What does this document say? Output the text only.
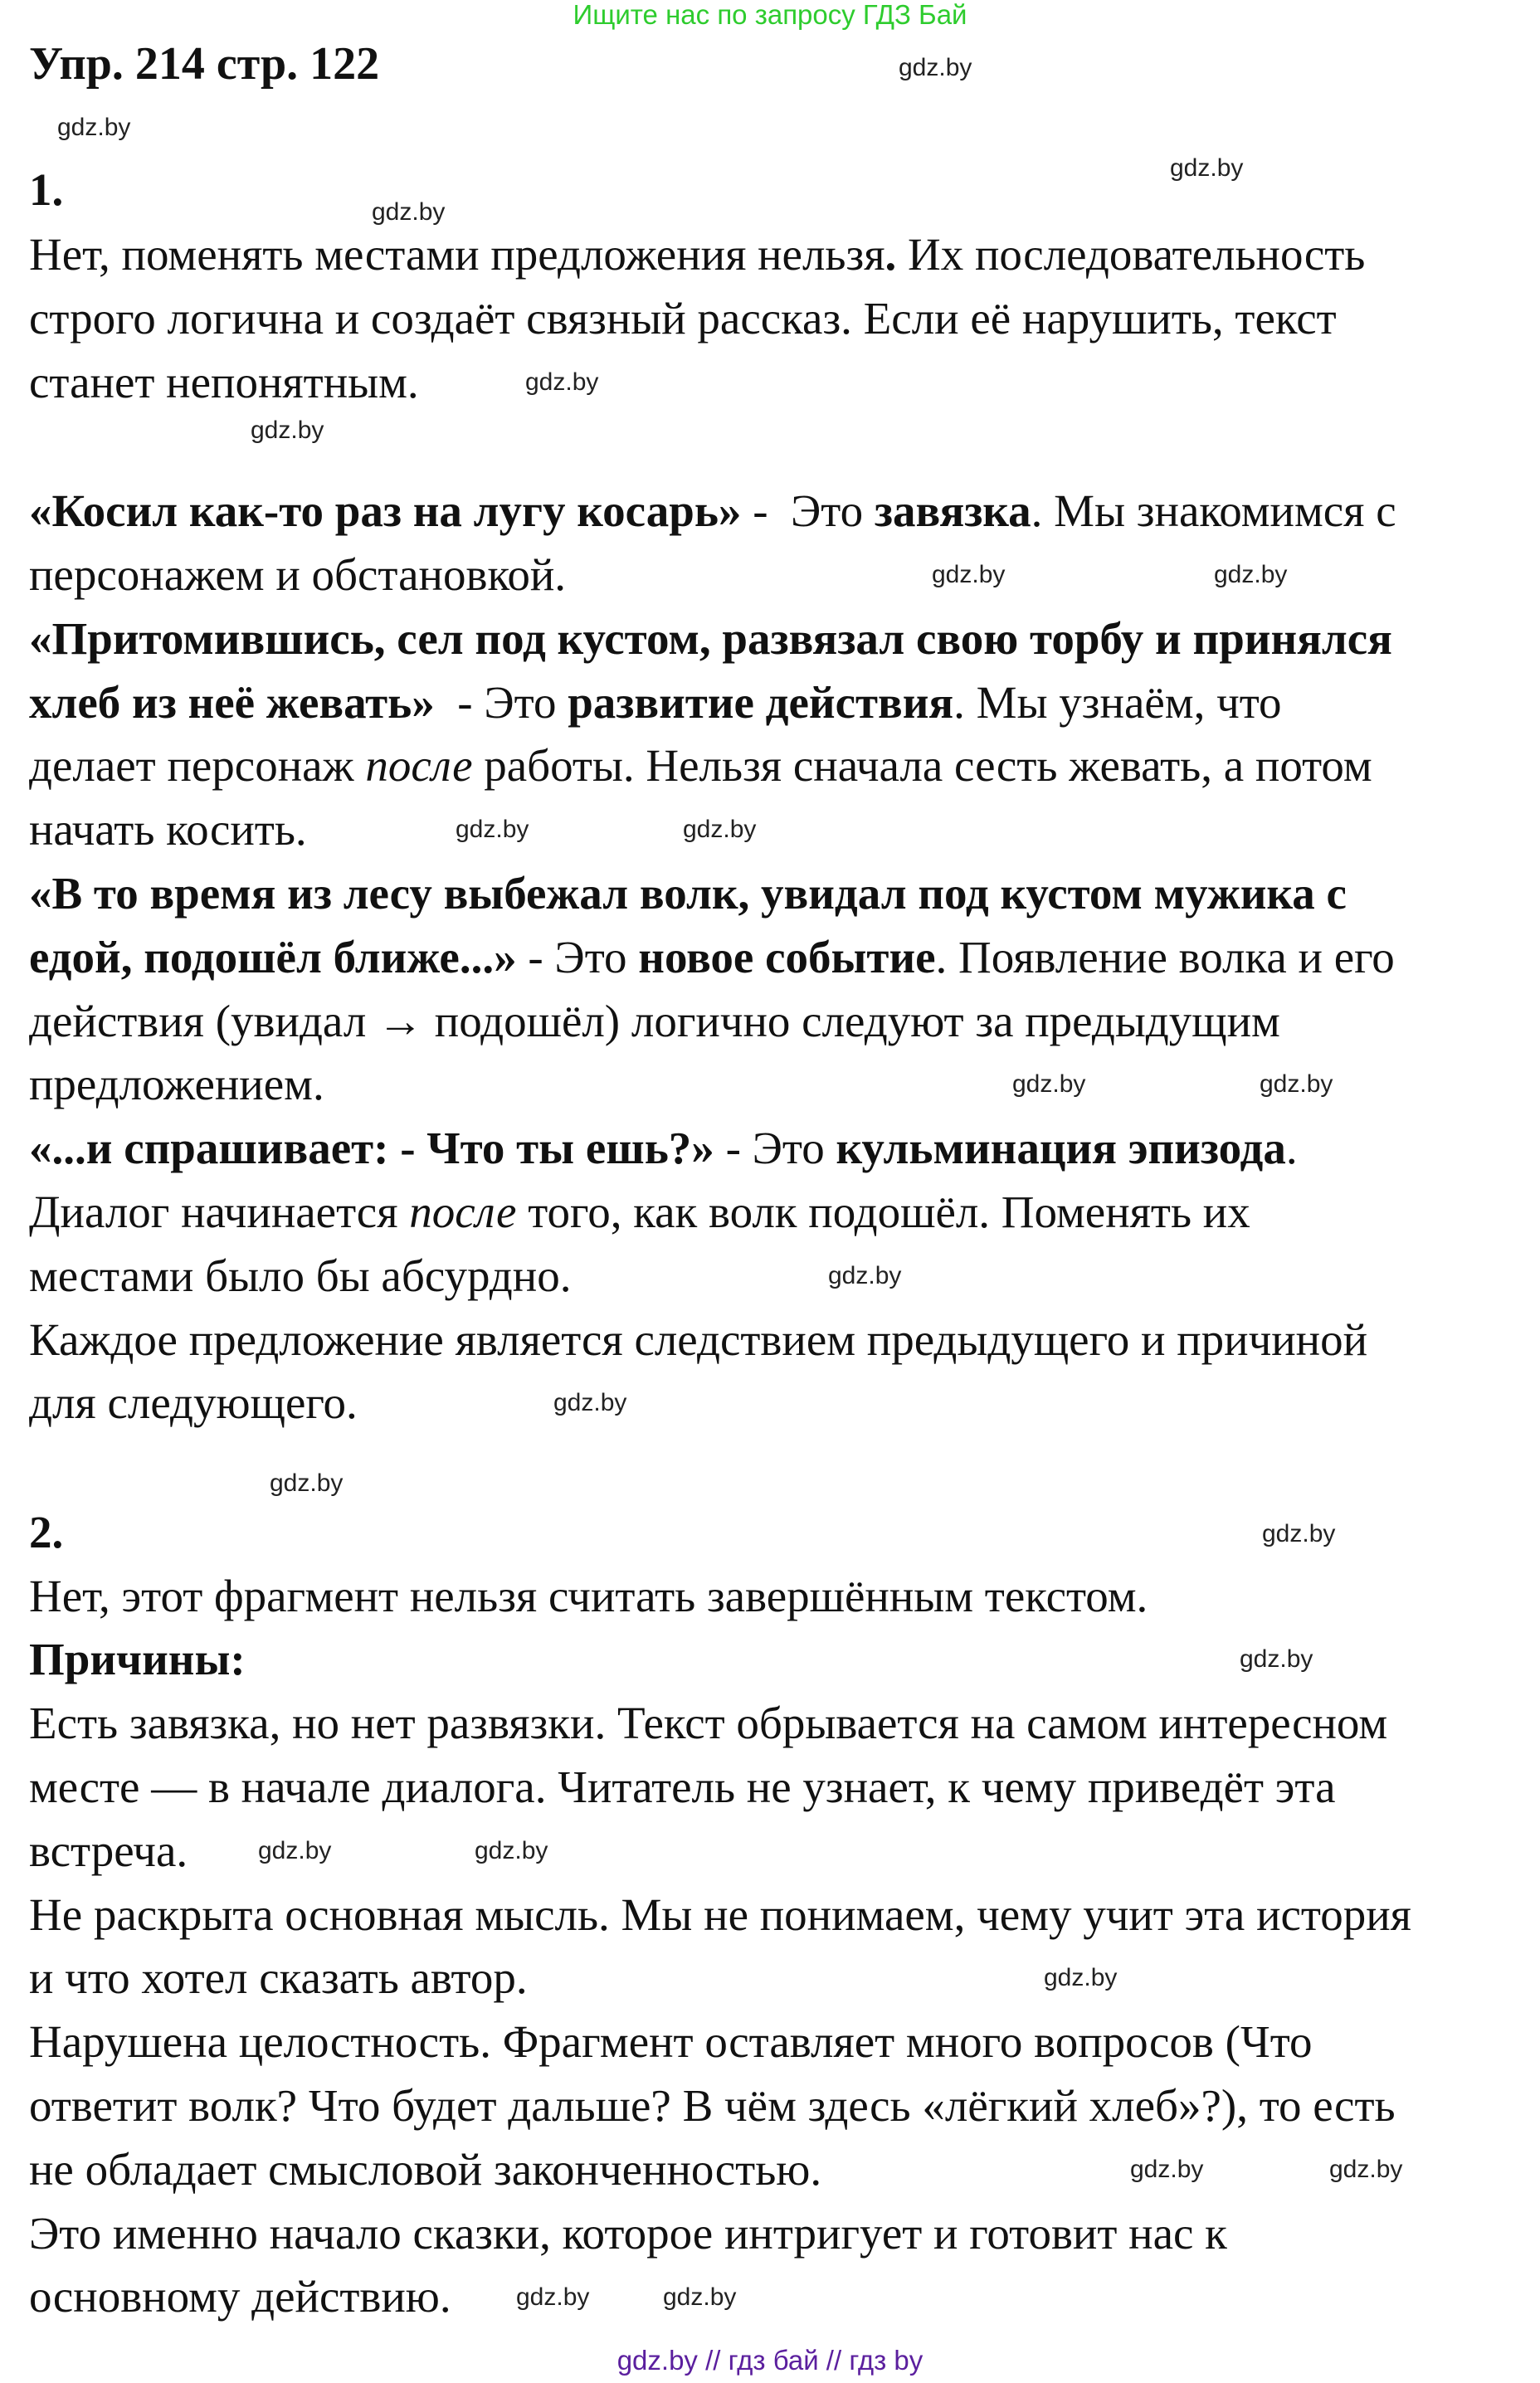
Ищите нас по запросу ГДЗ Бай
Упр. 214 стр. 122
1.
Нет, поменять местами предложения нельзя. Их последовательность
строго логична и создаёт связный рассказ. Если её нарушить, текст
станет непонятным.
«Косил как-то раз на лугу косарь» -  Это завязка. Мы знакомимся с
персонажем и обстановкой.
«Притомившись, сел под кустом, развязал свою торбу и принялся
хлеб из неё жевать»  - Это развитие действия. Мы узнаём, что
делает персонаж после работы. Нельзя сначала сесть жевать, а потом
начать косить.
«В то время из лесу выбежал волк, увидал под кустом мужика с
едой, подошёл ближе...» - Это новое событие. Появление волка и его
действия (увидал → подошёл) логично следуют за предыдущим
предложением.
«...и спрашивает: - Что ты ешь?» - Это кульминация эпизода.
Диалог начинается после того, как волк подошёл. Поменять их
местами было бы абсурдно.
Каждое предложение является следствием предыдущего и причиной
для следующего.
2.
Нет, этот фрагмент нельзя считать завершённым текстом.
Причины:
Есть завязка, но нет развязки. Текст обрывается на самом интересном
месте — в начале диалога. Читатель не узнает, к чему приведёт эта
встреча.
Не раскрыта основная мысль. Мы не понимаем, чему учит эта история
и что хотел сказать автор.
Нарушена целостность. Фрагмент оставляет много вопросов (Что
ответит волк? Что будет дальше? В чём здесь «лёгкий хлеб»?), то есть
не обладает смысловой законченностью.
Это именно начало сказки, которое интригует и готовит нас к
основному действию.
gdz.by
gdz.by
gdz.by
gdz.by
gdz.by
gdz.by
gdz.by	gdz.by
gdz.by	gdz.by
gdz.by
gdz.by
gdz.by
gdz.by
gdz.by
gdz.by
gdz.by
gdz.by	gdz.by
gdz.by
gdz.by	gdz.by
gdz.by	gdz.by
gdz.by // гдз бай // гдз by
